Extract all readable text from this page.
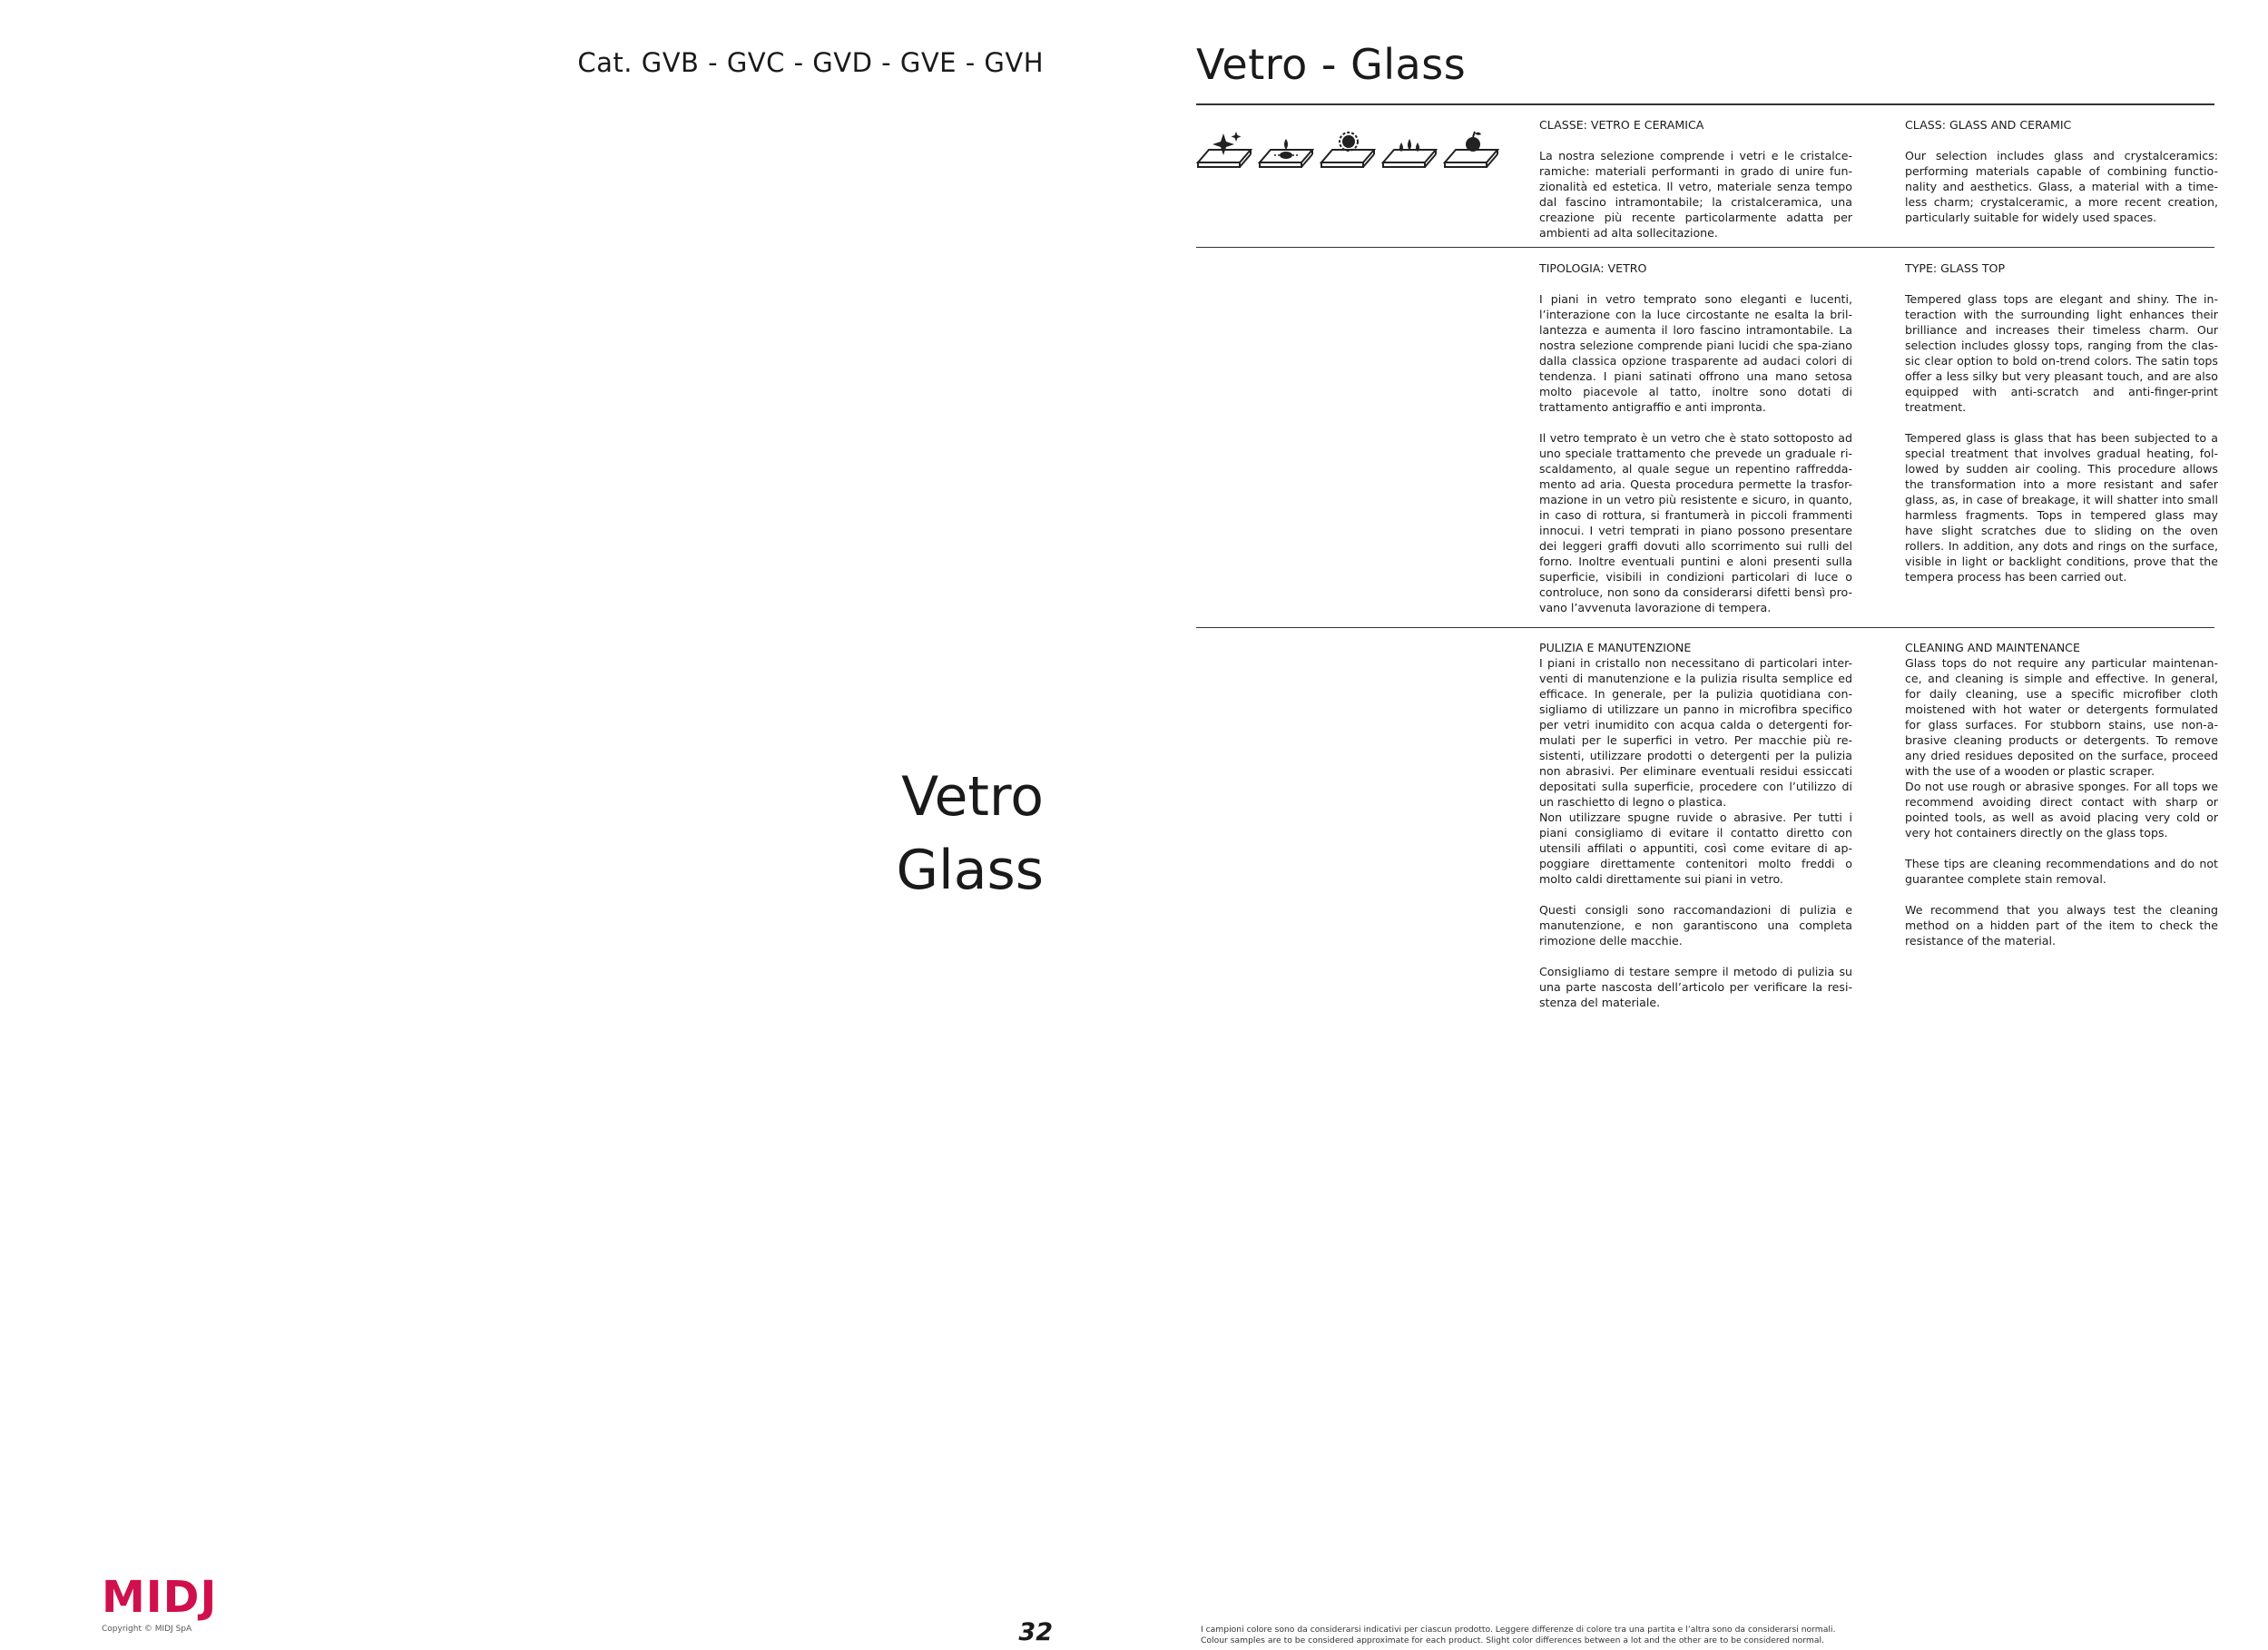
Cat. GVB - GVC - GVD - GVE - GVH
Vetro
Glass
MIDJ
Copyright © MIDJ SpA	32
Vetro - Glass
CLASSE: VETRO E CERAMICA

La nostra selezione comprende i vetri e le cristalce-ramiche: materiali performanti in grado di unire fun-zionalità ed estetica. Il vetro, materiale senza tempo dal fascino intramontabile; la cristalceramica, una creazione più recente particolarmente adatta per ambienti ad alta sollecitazione.

CLASS: GLASS AND CERAMIC

Our selection includes glass and crystalceramics: performing materials capable of combining functio-nality and aesthetics. Glass, a material with a time-less charm; crystalceramic, a more recent creation, particularly suitable for widely used spaces.

TIPOLOGIA: VETRO

I piani in vetro temprato sono eleganti e lucenti, l’interazione con la luce circostante ne esalta la bril-lantezza e aumenta il loro fascino intramontabile. La nostra selezione comprende piani lucidi che spa-ziano dalla classica opzione trasparente ad audaci colori di tendenza. I piani satinati offrono una mano setosa molto piacevole al tatto, inoltre sono dotati di trattamento antigraffio e anti impronta.

Il vetro temprato è un vetro che è stato sottoposto ad uno speciale trattamento che prevede un graduale ri-scaldamento, al quale segue un repentino raffredda-mento ad aria. Questa procedura permette la trasfor-mazione in un vetro più resistente e sicuro, in quanto, in caso di rottura, si frantumerà in piccoli frammenti innocui. I vetri temprati in piano possono presentare dei leggeri graffi dovuti allo scorrimento sui rulli del forno. Inoltre eventuali puntini e aloni presenti sulla superficie, visibili in condizioni particolari di luce o controluce, non sono da considerarsi difetti bensì pro-vano l’avvenuta lavorazione di tempera.

TYPE: GLASS TOP

Tempered glass tops are elegant and shiny. The in-teraction with the surrounding light enhances their brilliance and increases their timeless charm. Our selection includes glossy tops, ranging from the clas-sic clear option to bold on-trend colors. The satin tops offer a less silky but very pleasant touch, and are also equipped with anti-scratch and anti-finger-print treatment.

Tempered glass is glass that has been subjected to a special treatment that involves gradual heating, fol-lowed by sudden air cooling. This procedure allows the transformation into a more resistant and safer glass, as, in case of breakage, it will shatter into small harmless fragments. Tops in tempered glass may have slight scratches due to sliding on the oven rollers. In addition, any dots and rings on the surface, visible in light or backlight conditions, prove that the tempera process has been carried out.

PULIZIA E MANUTENZIONE

I piani in cristallo non necessitano di particolari inter-venti di manutenzione e la pulizia risulta semplice ed efficace. In generale, per la pulizia quotidiana con-sigliamo di utilizzare un panno in microfibra specifico per vetri inumidito con acqua calda o detergenti for-mulati per le superfici in vetro. Per macchie più re-sistenti, utilizzare prodotti o detergenti per la pulizia non abrasivi. Per eliminare eventuali residui essiccati depositati sulla superficie, procedere con l’utilizzo di un raschietto di legno o plastica.

Non utilizzare spugne ruvide o abrasive. Per tutti i piani consigliamo di evitare il contatto diretto con utensili affilati o appuntiti, così come evitare di ap-poggiare direttamente contenitori molto freddi o molto caldi direttamente sui piani in vetro.

Questi consigli sono raccomandazioni di pulizia e manutenzione, e non garantiscono una completa rimozione delle macchie.

Consigliamo di testare sempre il metodo di pulizia su una parte nascosta dell’articolo per verificare la resi-stenza del materiale.

CLEANING AND MAINTENANCE

Glass tops do not require any particular maintenan-ce, and cleaning is simple and effective. In general, for daily cleaning, use a specific microfiber cloth moistened with hot water or detergents formulated for glass surfaces. For stubborn stains, use non-a-brasive cleaning products or detergents. To remove any dried residues deposited on the surface, proceed with the use of a wooden or plastic scraper.

Do not use rough or abrasive sponges. For all tops we recommend avoiding direct contact with sharp or pointed tools, as well as avoid placing very cold or very hot containers directly on the glass tops.

These tips are cleaning recommendations and do not guarantee complete stain removal.

We recommend that you always test the cleaning method on a hidden part of the item to check the resistance of the material.

I campioni colore sono da considerarsi indicativi per ciascun prodotto. Leggere differenze di colore tra una partita e l’altra sono da considerarsi normali.
Colour samples are to be considered approximate for each product. Slight color differences between a lot and the other are to be considered normal.
